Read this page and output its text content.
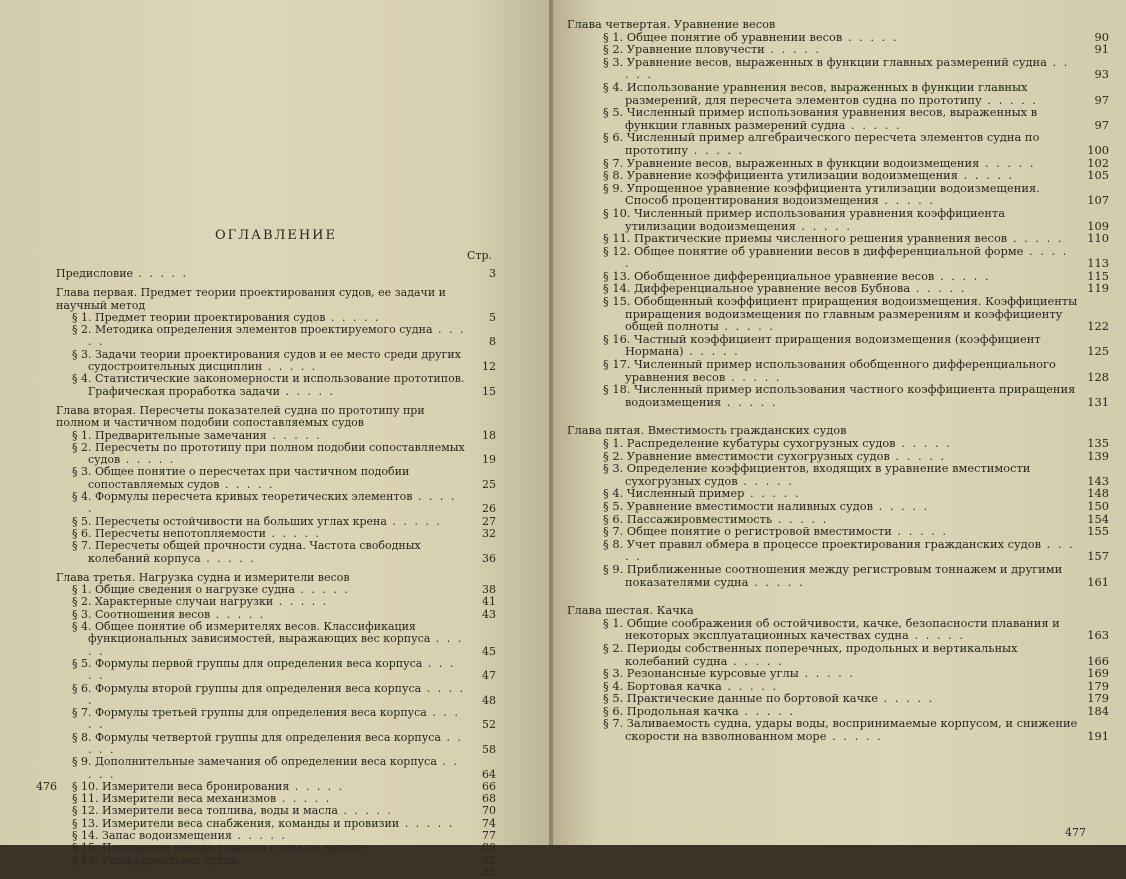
ОГЛАВЛЕНИЕ
Стр.
Предисловие . . . . .	3
Глава первая. Предмет теории проектирования судов, ее задачи и научный метод
§ 1. Предмет теории проектирования судов . . . . .	5
§ 2. Методика определения элементов проектируемого судна . . . . .	8
§ 3. Задачи теории проектирования судов и ее место среди других судостроительных дисциплин . . . . .	12
§ 4. Статистические закономерности и использование прототипов. Графическая проработка задачи . . . . .	15
Глава вторая. Пересчеты показателей судна по прототипу при полном и частичном подобии сопоставляемых судов
§ 1. Предварительные замечания . . . . .	18
§ 2. Пересчеты по прототипу при полном подобии сопоставляемых судов . . . . .	19
§ 3. Общее понятие о пересчетах при частичном подобии сопоставляемых судов . . . . .	25
§ 4. Формулы пересчета кривых теоретических элементов . . . . .	26
§ 5. Пересчеты остойчивости на больших углах крена . . . . .	27
§ 6. Пересчеты непотопляемости . . . . .	32
§ 7. Пересчеты общей прочности судна. Частота свободных колебаний корпуса . . . . .	36
Глава третья. Нагрузка судна и измерители весов
§ 1. Общие сведения о нагрузке судна . . . . .	38
§ 2. Характерные случаи нагрузки . . . . .	41
§ 3. Соотношения весов . . . . .	43
§ 4. Общее понятие об измерителях весов. Классификация функциональных зависимостей, выражающих вес корпуса . . . . .	45
§ 5. Формулы первой группы для определения веса корпуса . . . . .	47
§ 6. Формулы второй группы для определения веса корпуса . . . . .	48
§ 7. Формулы третьей группы для определения веса корпуса . . . . .	52
§ 8. Формулы четвертой группы для определения веса корпуса . . . . .	58
§ 9. Дополнительные замечания об определении веса корпуса . . . . .	64
§ 10. Измерители веса бронирования . . . . .	66
§ 11. Измерители веса механизмов . . . . .	68
§ 12. Измерители веса топлива, воды и масла . . . . .	70
§ 13. Измерители веса снабжения, команды и провизии . . . . .	74
§ 14. Запас водоизмещения . . . . .	77
§ 15. Положение центра тяжести судна по высоте . . . . .	80
§ 16. Удифферентовка судна . . . . .	82
. . . . .	85
476
Глава четвертая. Уравнение весов
§ 1. Общее понятие об уравнении весов . . . . .	90
§ 2. Уравнение пловучести . . . . .	91
§ 3. Уравнение весов, выраженных в функции главных размерений судна . . . . .	93
§ 4. Использование уравнения весов, выраженных в функции главных размерений, для пересчета элементов судна по прототипу . . . . .	97
§ 5. Численный пример использования уравнения весов, выраженных в функции главных размерений судна . . . . .	97
§ 6. Численный пример алгебраического пересчета элементов судна по прототипу . . . . .	100
§ 7. Уравнение весов, выраженных в функции водоизмещения . . . . .	102
§ 8. Уравнение коэффициента утилизации водоизмещения . . . . .	105
§ 9. Упрощенное уравнение коэффициента утилизации водоизмещения. Способ процентирования водоизмещения . . . . .	107
§ 10. Численный пример использования уравнения коэффициента утилизации водоизмещения . . . . .	109
§ 11. Практические приемы численного решения уравнения весов . . . . .	110
§ 12. Общее понятие об уравнении весов в дифференциальной форме . . . . .	113
§ 13. Обобщенное дифференциальное уравнение весов . . . . .	115
§ 14. Дифференциальное уравнение весов Бубнова . . . . .	119
§ 15. Обобщенный коэффициент приращения водоизмещения. Коэффициенты приращения водоизмещения по главным размерениям и коэффициенту общей полноты . . . . .	122
§ 16. Частный коэффициент приращения водоизмещения (коэффициент Нормана) . . . . .	125
§ 17. Численный пример использования обобщенного дифференциального уравнения весов . . . . .	128
§ 18. Численный пример использования частного коэффициента приращения водоизмещения . . . . .	131
Глава пятая. Вместимость гражданских судов
§ 1. Распределение кубатуры сухогрузных судов . . . . .	135
§ 2. Уравнение вместимости сухогрузных судов . . . . .	139
§ 3. Определение коэффициентов, входящих в уравнение вместимости сухогрузных судов . . . . .	143
§ 4. Численный пример . . . . .	148
§ 5. Уравнение вместимости наливных судов . . . . .	150
§ 6. Пассажировместимость . . . . .	154
§ 7. Общее понятие о регистровой вместимости . . . . .	155
§ 8. Учет правил обмера в процессе проектирования гражданских судов . . . . .	157
§ 9. Приближенные соотношения между регистровым тоннажем и другими показателями судна . . . . .	161
Глава шестая. Качка
§ 1. Общие соображения об остойчивости, качке, безопасности плавания и некоторых эксплуатационных качествах судна . . . . .	163
§ 2. Периоды собственных поперечных, продольных и вертикальных колебаний судна . . . . .	166
§ 3. Резонансные курсовые углы . . . . .	169
§ 4. Бортовая качка . . . . .	179
§ 5. Практические данные по бортовой качке . . . . .	179
§ 6. Продольная качка . . . . .	184
§ 7. Заливаемость судна, удары воды, воспринимаемые корпусом, и снижение скорости на взволнованном море . . . . .	191
477
